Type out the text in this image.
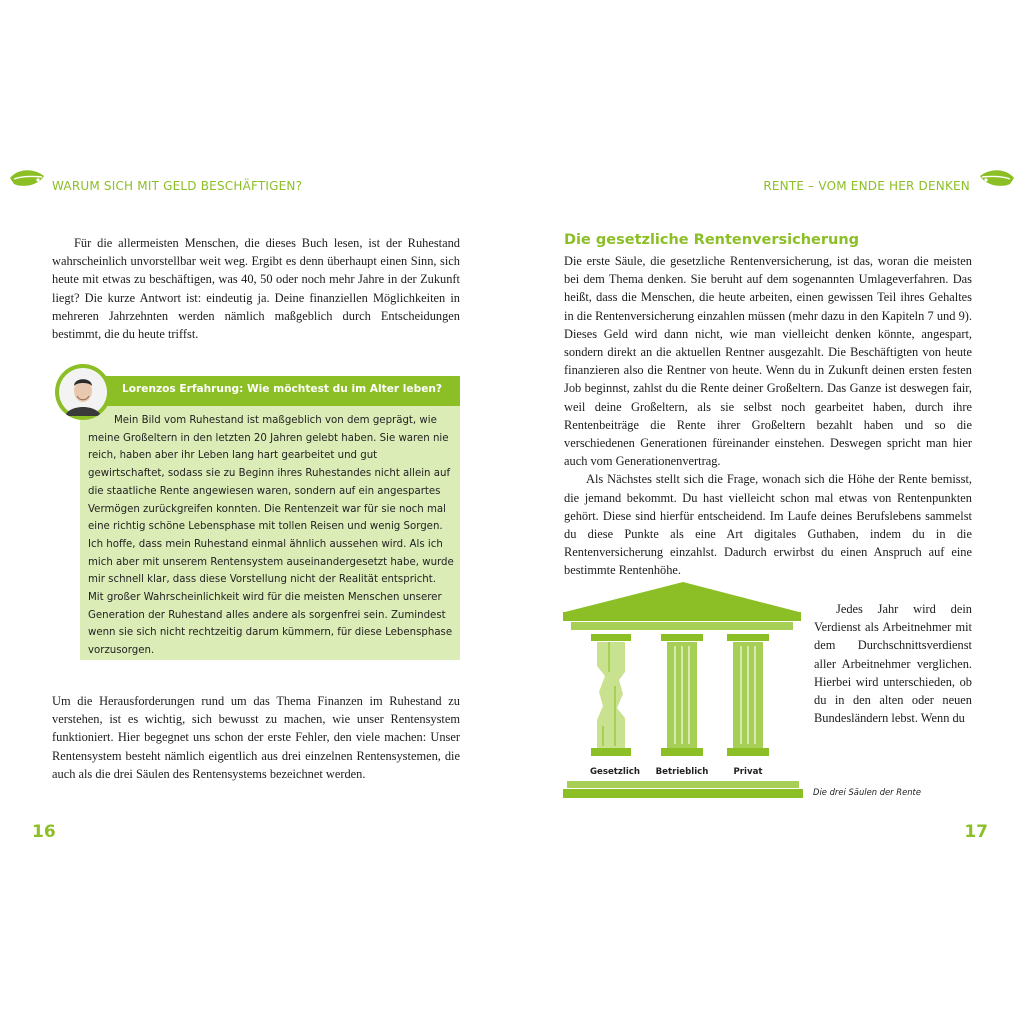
WARUM SICH MIT GELD BESCHÄFTIGEN?
Für die allermeisten Menschen, die dieses Buch lesen, ist der Ruhestand wahrscheinlich unvorstellbar weit weg. Ergibt es denn überhaupt einen Sinn, sich heute mit etwas zu beschäftigen, was 40, 50 oder noch mehr Jahre in der Zukunft liegt? Die kurze Antwort ist: eindeutig ja. Deine finanziellen Möglichkeiten in mehreren Jahrzehnten werden nämlich maßgeblich durch Entscheidungen bestimmt, die du heute triffst.
Lorenzos Erfahrung: Wie möchtest du im Alter leben?

Mein Bild vom Ruhestand ist maßgeblich von dem geprägt, wie meine Großeltern in den letzten 20 Jahren gelebt haben. Sie waren nie reich, haben aber ihr Leben lang hart gearbeitet und gut gewirtschaftet, sodass sie zu Beginn ihres Ruhestandes nicht allein auf die staatliche Rente angewiesen waren, sondern auf ein angespartes Vermögen zurückgreifen konnten. Die Rentenzeit war für sie noch mal eine richtig schöne Lebensphase mit tollen Reisen und wenig Sorgen. Ich hoffe, dass mein Ruhestand einmal ähnlich aussehen wird. Als ich mich aber mit unserem Rentensystem auseinandergesetzt habe, wurde mir schnell klar, dass diese Vorstellung nicht der Realität entspricht. Mit großer Wahrscheinlichkeit wird für die meisten Menschen unserer Generation der Ruhestand alles andere als sorgenfrei sein. Zumindest wenn sie sich nicht rechtzeitig darum kümmern, für diese Lebensphase vorzusorgen.

Um die Herausforderungen rund um das Thema Finanzen im Ruhestand zu verstehen, ist es wichtig, sich bewusst zu machen, wie unser Rentensystem funktioniert. Hier begegnet uns schon der erste Fehler, den viele machen: Unser Rentensystem besteht nämlich eigentlich aus drei einzelnen Rentensystemen, die auch als die drei Säulen des Rentensystems bezeichnet werden.
16
RENTE – VOM ENDE HER DENKEN
Die gesetzliche Rentenversicherung

Die erste Säule, die gesetzliche Rentenversicherung, ist das, woran die meisten bei dem Thema denken. Sie beruht auf dem sogenannten Umlageverfahren. Das heißt, dass die Menschen, die heute arbeiten, einen gewissen Teil ihres Gehaltes in die Rentenversicherung einzahlen müssen (mehr dazu in den Kapiteln 7 und 9). Dieses Geld wird dann nicht, wie man vielleicht denken könnte, angespart, sondern direkt an die aktuellen Rentner ausgezahlt. Die Beschäftigten von heute finanzieren also die Rentner von heute. Wenn du in Zukunft deinen ersten festen Job beginnst, zahlst du die Rente deiner Großeltern. Das Ganze ist deswegen fair, weil deine Großeltern, als sie selbst noch gearbeitet haben, durch ihre Rentenbeiträge die Rente ihrer Großeltern bezahlt haben und so die verschiedenen Generationen füreinander einstehen. Deswegen spricht man hier auch vom Generationenvertrag.

Als Nächstes stellt sich die Frage, wonach sich die Höhe der Rente bemisst, die jemand bekommt. Du hast vielleicht schon mal etwas von Rentenpunkten gehört. Diese sind hierfür entscheidend. Im Laufe deines Berufslebens sammelst du diese Punkte als eine Art digitales Guthaben, indem du in die Rentenversicherung einzahlst. Dadurch erwirbst du einen Anspruch auf eine bestimmte Rentenhöhe.

Jedes Jahr wird dein Verdienst als Arbeitnehmer mit dem Durchschnittsverdienst aller Arbeitnehmer verglichen. Hierbei wird unterschieden, ob du in den alten oder neuen Bundesländern lebst. Wenn du
Gesetzlich Betrieblich	Privat
Die drei Säulen der Rente
17
